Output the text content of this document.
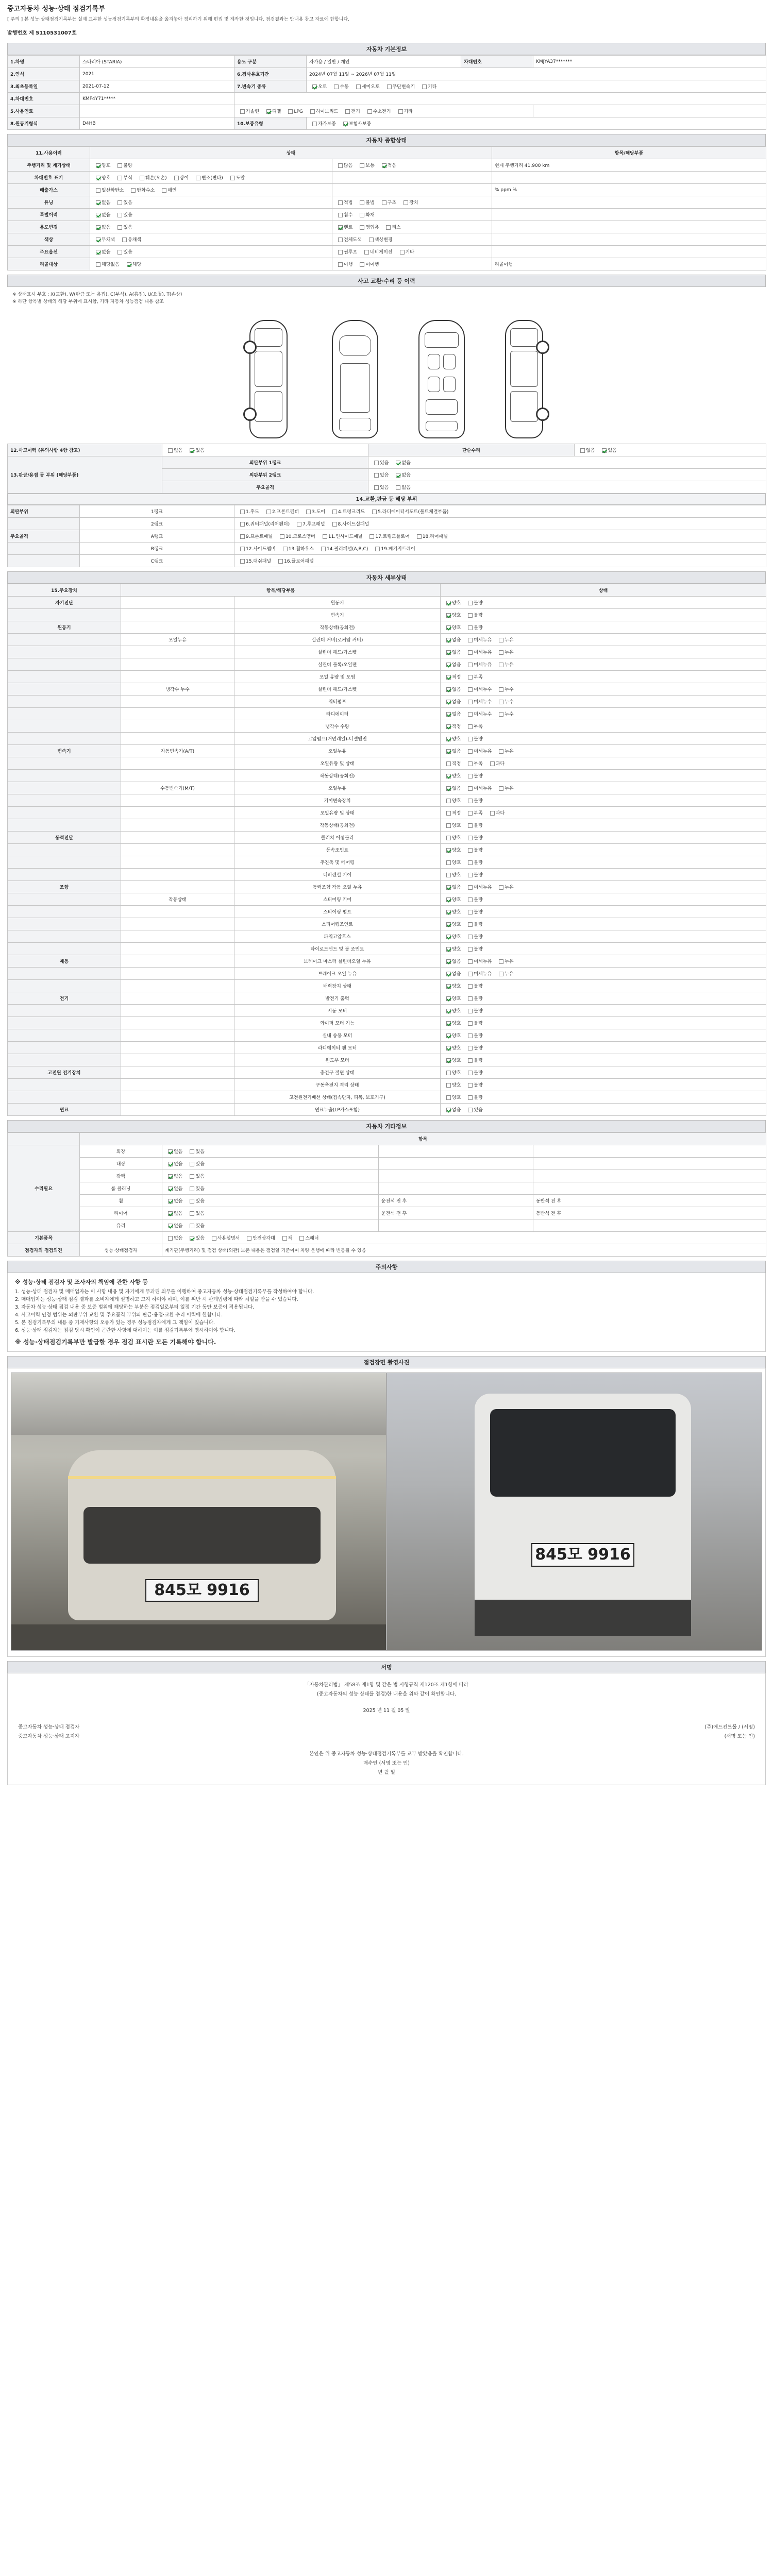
중고자동차 성능·상태 점검기록부
[ 주의 ] 본 성능·상태점검기록부는 실제 교부한 성능점검기록부의 확정내용을 옮겨놓아 정리하기 위해 편집 및 제작한 것입니다. 점검결과는 안내용 참고 자료에 한합니다.
발행번호 제 5110531007호
자동차 기본정보
1.차명	스타리아 (STARIA)	용도 구분	자가용 / 일반 / 개인	차대번호	KMJYA37*******
2.연식	2021	6.검사유효기간	2024년 07월 11일 ~ 2026년 07월 11일		
3.최초등록일	2021-07-12	7.변속기 종류	오토 수동 세미오토 무단변속기 기타		
4.차대번호	KMF4Y71*****				
5.사용연료		가솔린 디젤 LPG 하이브리드 전기 수소전기 기타			
8.원동기형식	D4HB	10.보증유형	자가보증 보험사보증		
자동차 종합상태
11.사용이력	상태		항목/해당부품
주행거리 및 계기상태	양호 불량	많음 보통 적음	현재 주행거리 41,900 km
차대번호 표기	양호 부식 훼손(오손) 상이 변조(변타) 도말		
배출가스	일산화탄소 탄화수소 매연		% ppm %
튜닝	없음 있음	적법 불법 구조 장치	
특별이력	없음 있음	침수 화재	
용도변경	없음 있음	렌트 영업용 리스	
색상	무채색 유채색	전체도색 색상변경	
주요옵션	없음 있음	썬루프 네비게이션 기타	
리콜대상	해당없음 해당	이행 미이행	리콜이행
사고 교환·수리 등 이력
※ 상태표시 부호 : X(교환), W(판금 또는 용접), C(부식), A(흠집), U(요철), T(손상)
※ 하단 항목별 상태의 해당 부위에 표시함, 기타 자동차 성능점검 내용 참조
12.사고이력 (유의사항 4항 참고)	없음 있음	단순수리	없음 있음
13.판금/용접 등 부위 (해당부품)	외판부위 1랭크	있음 없음	
	외판부위 2랭크	있음 없음	
	주요골격	있음 없음	
14.교환,판금 등 해당 부위
외판부위	1랭크	1.후드 2.프론트펜더 3.도어 4.트렁크리드 5.라디에이터서포트(볼트체결부품)
	2랭크	6.쿼터패널(리어펜더) 7.루프패널 8.사이드실패널
주요골격	A랭크	9.프론트패널 10.크로스멤버 11.인사이드패널 17.트렁크플로어 18.리어패널
	B랭크	12.사이드멤버 13.휠하우스 14.필러패널(A,B,C) 19.패키지트레이
	C랭크	15.대쉬패널 16.플로어패널
자동차 세부상태
15.주요장치	항목/해당부품		상태
자기진단		원동기	양호 불량
		변속기	양호 불량
원동기		작동상태(공회전)	양호 불량
	오일누유	실린더 커버(로커암 커버)	없음 미세누유 누유
		실린더 헤드/가스켓	없음 미세누유 누유
		실린더 블록/오일팬	없음 미세누유 누유
		오일 유량 및 오염	적정 부족
	냉각수 누수	실린더 헤드/가스켓	없음 미세누수 누수
		워터펌프	없음 미세누수 누수
		라디에이터	없음 미세누수 누수
		냉각수 수량	적정 부족
		고압펌프(커먼레일)-디젤엔진	양호 불량
변속기	자동변속기(A/T)	오일누유	없음 미세누유 누유
		오일유량 및 상태	적정 부족 과다
		작동상태(공회전)	양호 불량
	수동변속기(M/T)	오일누유	없음 미세누유 누유
		기어변속장치	양호 불량
		오일유량 및 상태	적정 부족 과다
		작동상태(공회전)	양호 불량
동력전달		클러치 어셈블리	양호 불량
		등속조인트	양호 불량
		추진축 및 베어링	양호 불량
		디퍼렌셜 기어	양호 불량
조향		동력조향 작동 오일 누유	없음 미세누유 누유
	작동상태	스티어링 기어	양호 불량
		스티어링 펌프	양호 불량
		스티어링조인트	양호 불량
		파워고압호스	양호 불량
		타이로드엔드 및 볼 조인트	양호 불량
제동		브레이크 마스터 실린더오일 누유	없음 미세누유 누유
		브레이크 오일 누유	없음 미세누유 누유
		배력장치 상태	양호 불량
전기		발전기 출력	양호 불량
		시동 모터	양호 불량
		와이퍼 모터 기능	양호 불량
		실내 송풍 모터	양호 불량
		라디에이터 팬 모터	양호 불량
		윈도우 모터	양호 불량
고전원 전기장치		충전구 절연 상태	양호 불량
		구동축전지 격리 상태	양호 불량
		고전원전기배선 상태(접속단자, 피복, 보호기구)	양호 불량
연료		연료누출(LP가스포함)	없음 있음
자동차 기타정보
	항목			
수리필요	외장	없음 있음		
	내장	없음 있음		
	광택	없음 있음		
	룸 클리닝	없음 있음		
	휠	없음 있음	운전석 전 후	동반석 전 후
	타이어	없음 있음	운전석 전 후	동반석 전 후
	유리	없음 있음		
기본품목		없음 있음 사용설명서 안전삼각대 잭 스패너		
점검자의 점검의견	성능·상태점검자	계기판(주행거리) 및 점검 상태(외관) 보존 내용은 점검일 기준이며 차량 운행에 따라 변동될 수 있음		
주의사항
※ 성능·상태 점검자 및 조사자의 책임에 관한 사항 등
1. 성능·상태 점검자 및 매매업자는 이 사항 내용 및 자기에게 부과된 의무를 이행하여 중고자동차 성능·상태점검기록부를 작성하여야 합니다.
2. 매매업자는 성능·상태 점검 결과를 소비자에게 설명하고 고지 하여야 하며, 이를 위반 시 관계법령에 따라 처벌을 받을 수 있습니다.
3. 자동차 성능·상태 점검 내용 중 보증 범위에 해당하는 부분은 점검일로부터 일정 기간 동안 보증이 적용됩니다.
4. 사고이력 인정 범위는 외판부위 교환 및 주요골격 부위의 판금·용접·교환 수리 이력에 한합니다.
5. 본 점검기록부의 내용 중 기재사항의 오류가 있는 경우 성능점검자에게 그 책임이 있습니다.
6. 성능·상태 점검자는 점검 당시 확인이 곤란한 사항에 대하여는 이를 점검기록부에 명시하여야 합니다.
※ 성능·상태점검기록부만 발급할 경우 점검 표시란 모든 기록해야 합니다.
점검장면 촬영사진
845모 9916
845모 9916
서명
「자동차관리법」 제58조 제1항 및 같은 법 시행규칙 제120조 제1항에 따라
(중고자동차의 성능·상태를 점검)한 내용을 위와 같이 확인합니다.
2025 년 11 월 05 일
중고자동차 성능·상태 점검자	(주)애드컨트롤 / (서명)
중고자동차 성능·상태 고지자	(서명 또는 인)
본인은 위 중고자동차 성능·상태점검기록부를 교부 받았음을 확인합니다.
매수인 (서명 또는 인)
년 월 일
